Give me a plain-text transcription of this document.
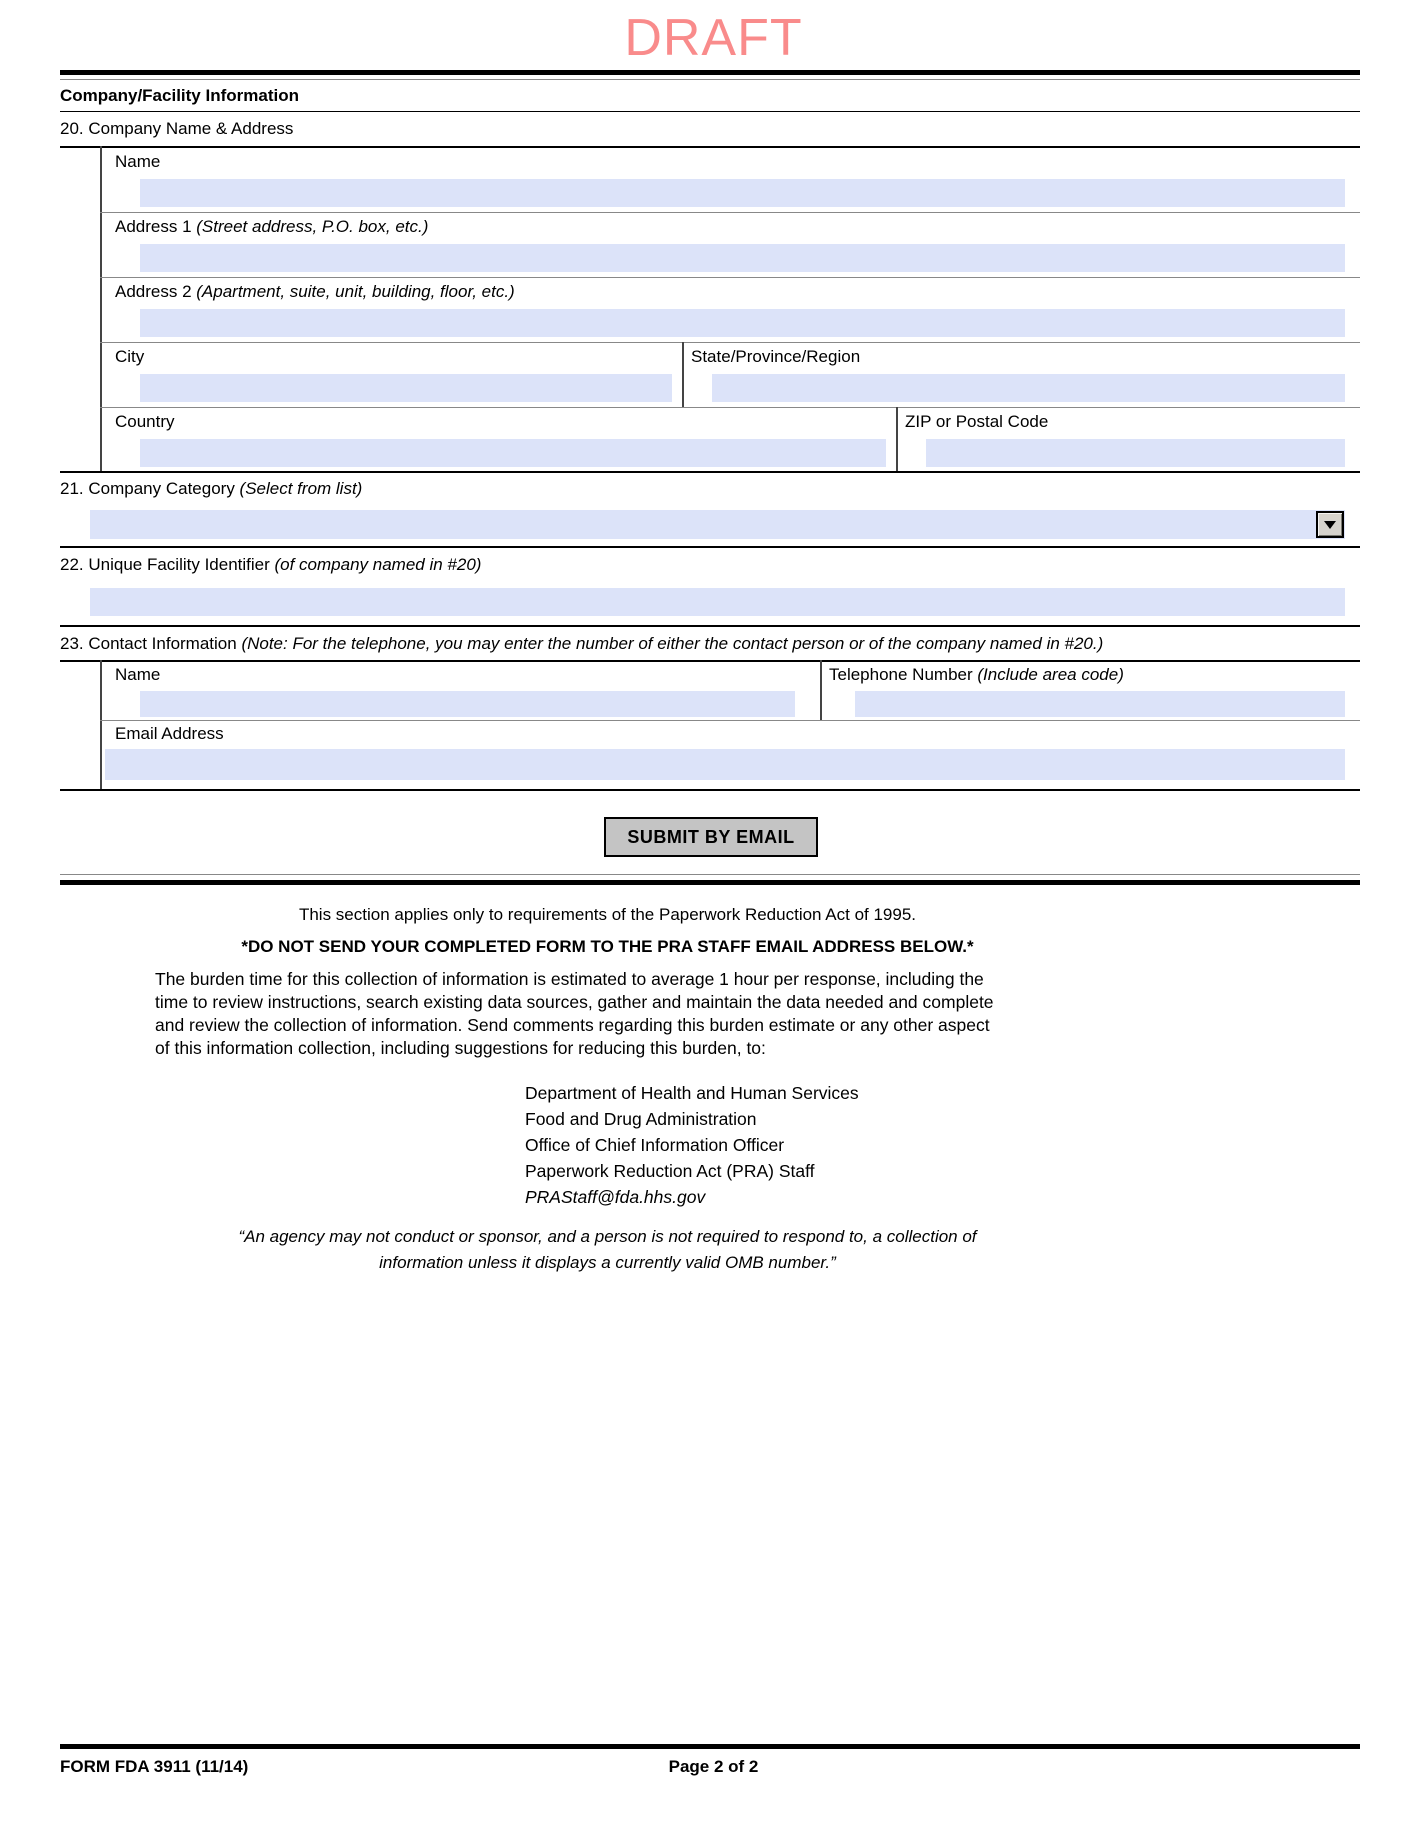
DRAFT
Company/Facility Information
20. Company Name & Address
Name
Address 1 (Street address, P.O. box, etc.)
Address 2 (Apartment, suite, unit, building, floor, etc.)
City	State/Province/Region
Country	ZIP or Postal Code
21. Company Category (Select from list)
22. Unique Facility Identifier (of company named in #20)
23. Contact Information (Note: For the telephone, you may enter the number of either the contact person or of the company named in #20.)
Name	Telephone Number (Include area code)
Email Address
SUBMIT BY EMAIL
This section applies only to requirements of the Paperwork Reduction Act of 1995.
*DO NOT SEND YOUR COMPLETED FORM TO THE PRA STAFF EMAIL ADDRESS BELOW.*
The burden time for this collection of information is estimated to average 1 hour per response, including the
time to review instructions, search existing data sources, gather and maintain the data needed and complete
and review the collection of information. Send comments regarding this burden estimate or any other aspect
of this information collection, including suggestions for reducing this burden, to:
Department of Health and Human Services
Food and Drug Administration
Office of Chief Information Officer
Paperwork Reduction Act (PRA) Staff
PRAStaff@fda.hhs.gov
“An agency may not conduct or sponsor, and a person is not required to respond to, a collection of
information unless it displays a currently valid OMB number.”
FORM FDA 3911 (11/14)	Page 2 of 2
